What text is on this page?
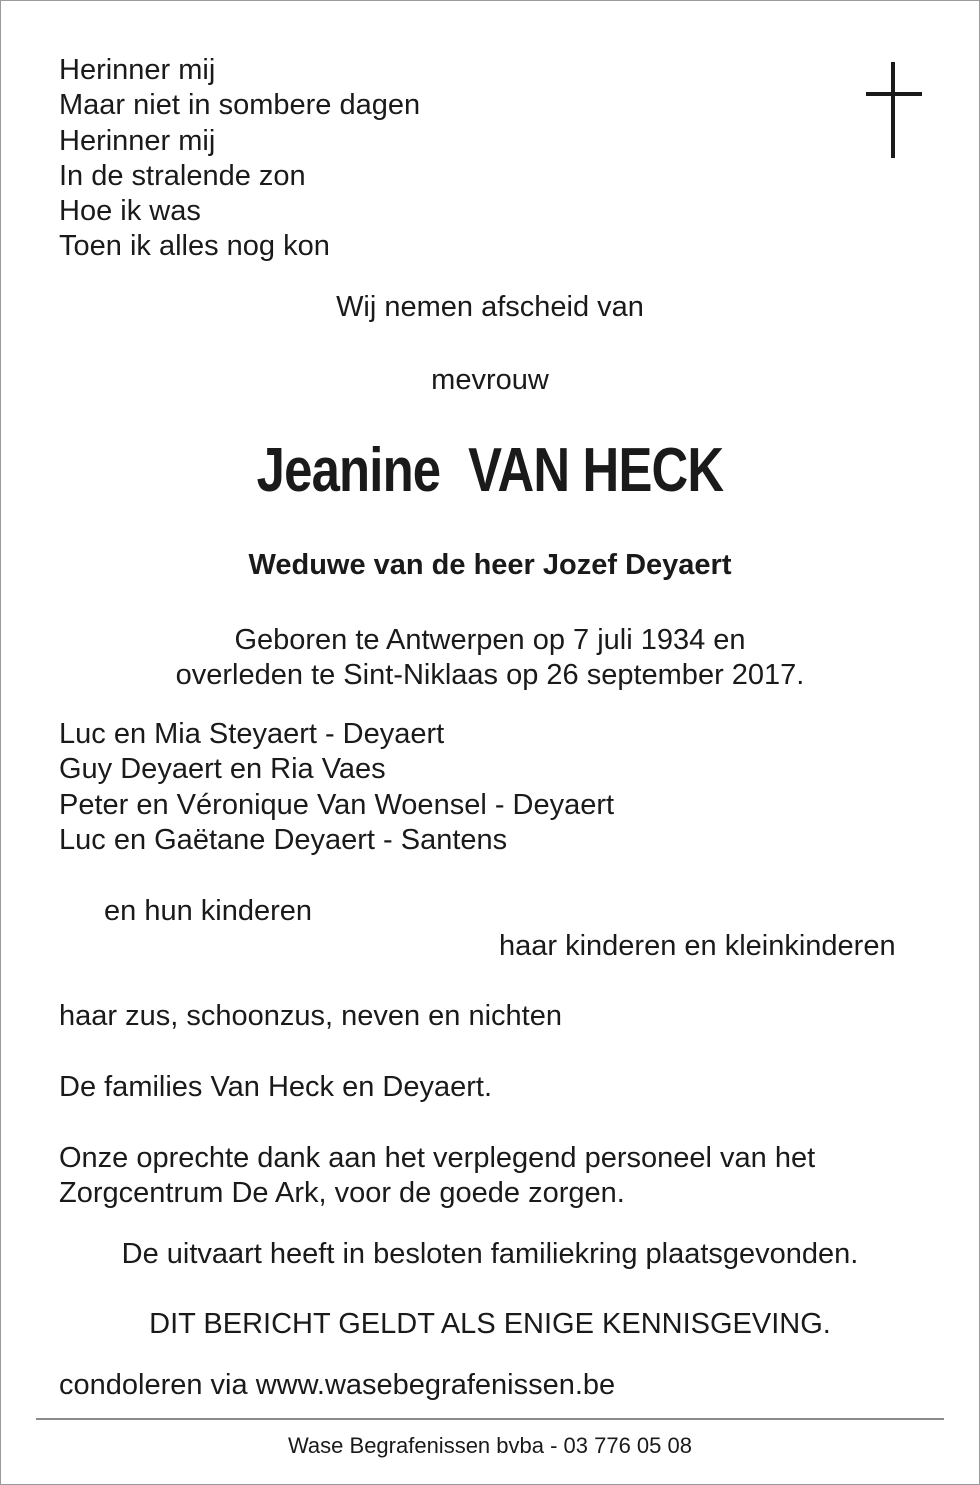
Herinner mij
Maar niet in sombere dagen
Herinner mij
In de stralende zon
Hoe ik was
Toen ik alles nog kon

Wij nemen afscheid van

mevrouw

Jeanine VAN HECK

Weduwe van de heer Jozef Deyaert

Geboren te Antwerpen op 7 juli 1934 en

overleden te Sint-Niklaas op 26 september 2017.

Luc en Mia Steyaert - Deyaert
Guy Deyaert en Ria Vaes
Peter en Véronique Van Woensel - Deyaert
Luc en Gaëtane Deyaert - Santens

en hun kinderen

haar kinderen en kleinkinderen

haar zus, schoonzus, neven en nichten

De families Van Heck en Deyaert.

Onze oprechte dank aan het verplegend personeel van het

Zorgcentrum De Ark, voor de goede zorgen.

De uitvaart heeft in besloten familiekring plaatsgevonden.

DIT BERICHT GELDT ALS ENIGE KENNISGEVING.

condoleren via www.wasebegrafenissen.be

Wase Begrafenissen bvba - 03 776 05 08
